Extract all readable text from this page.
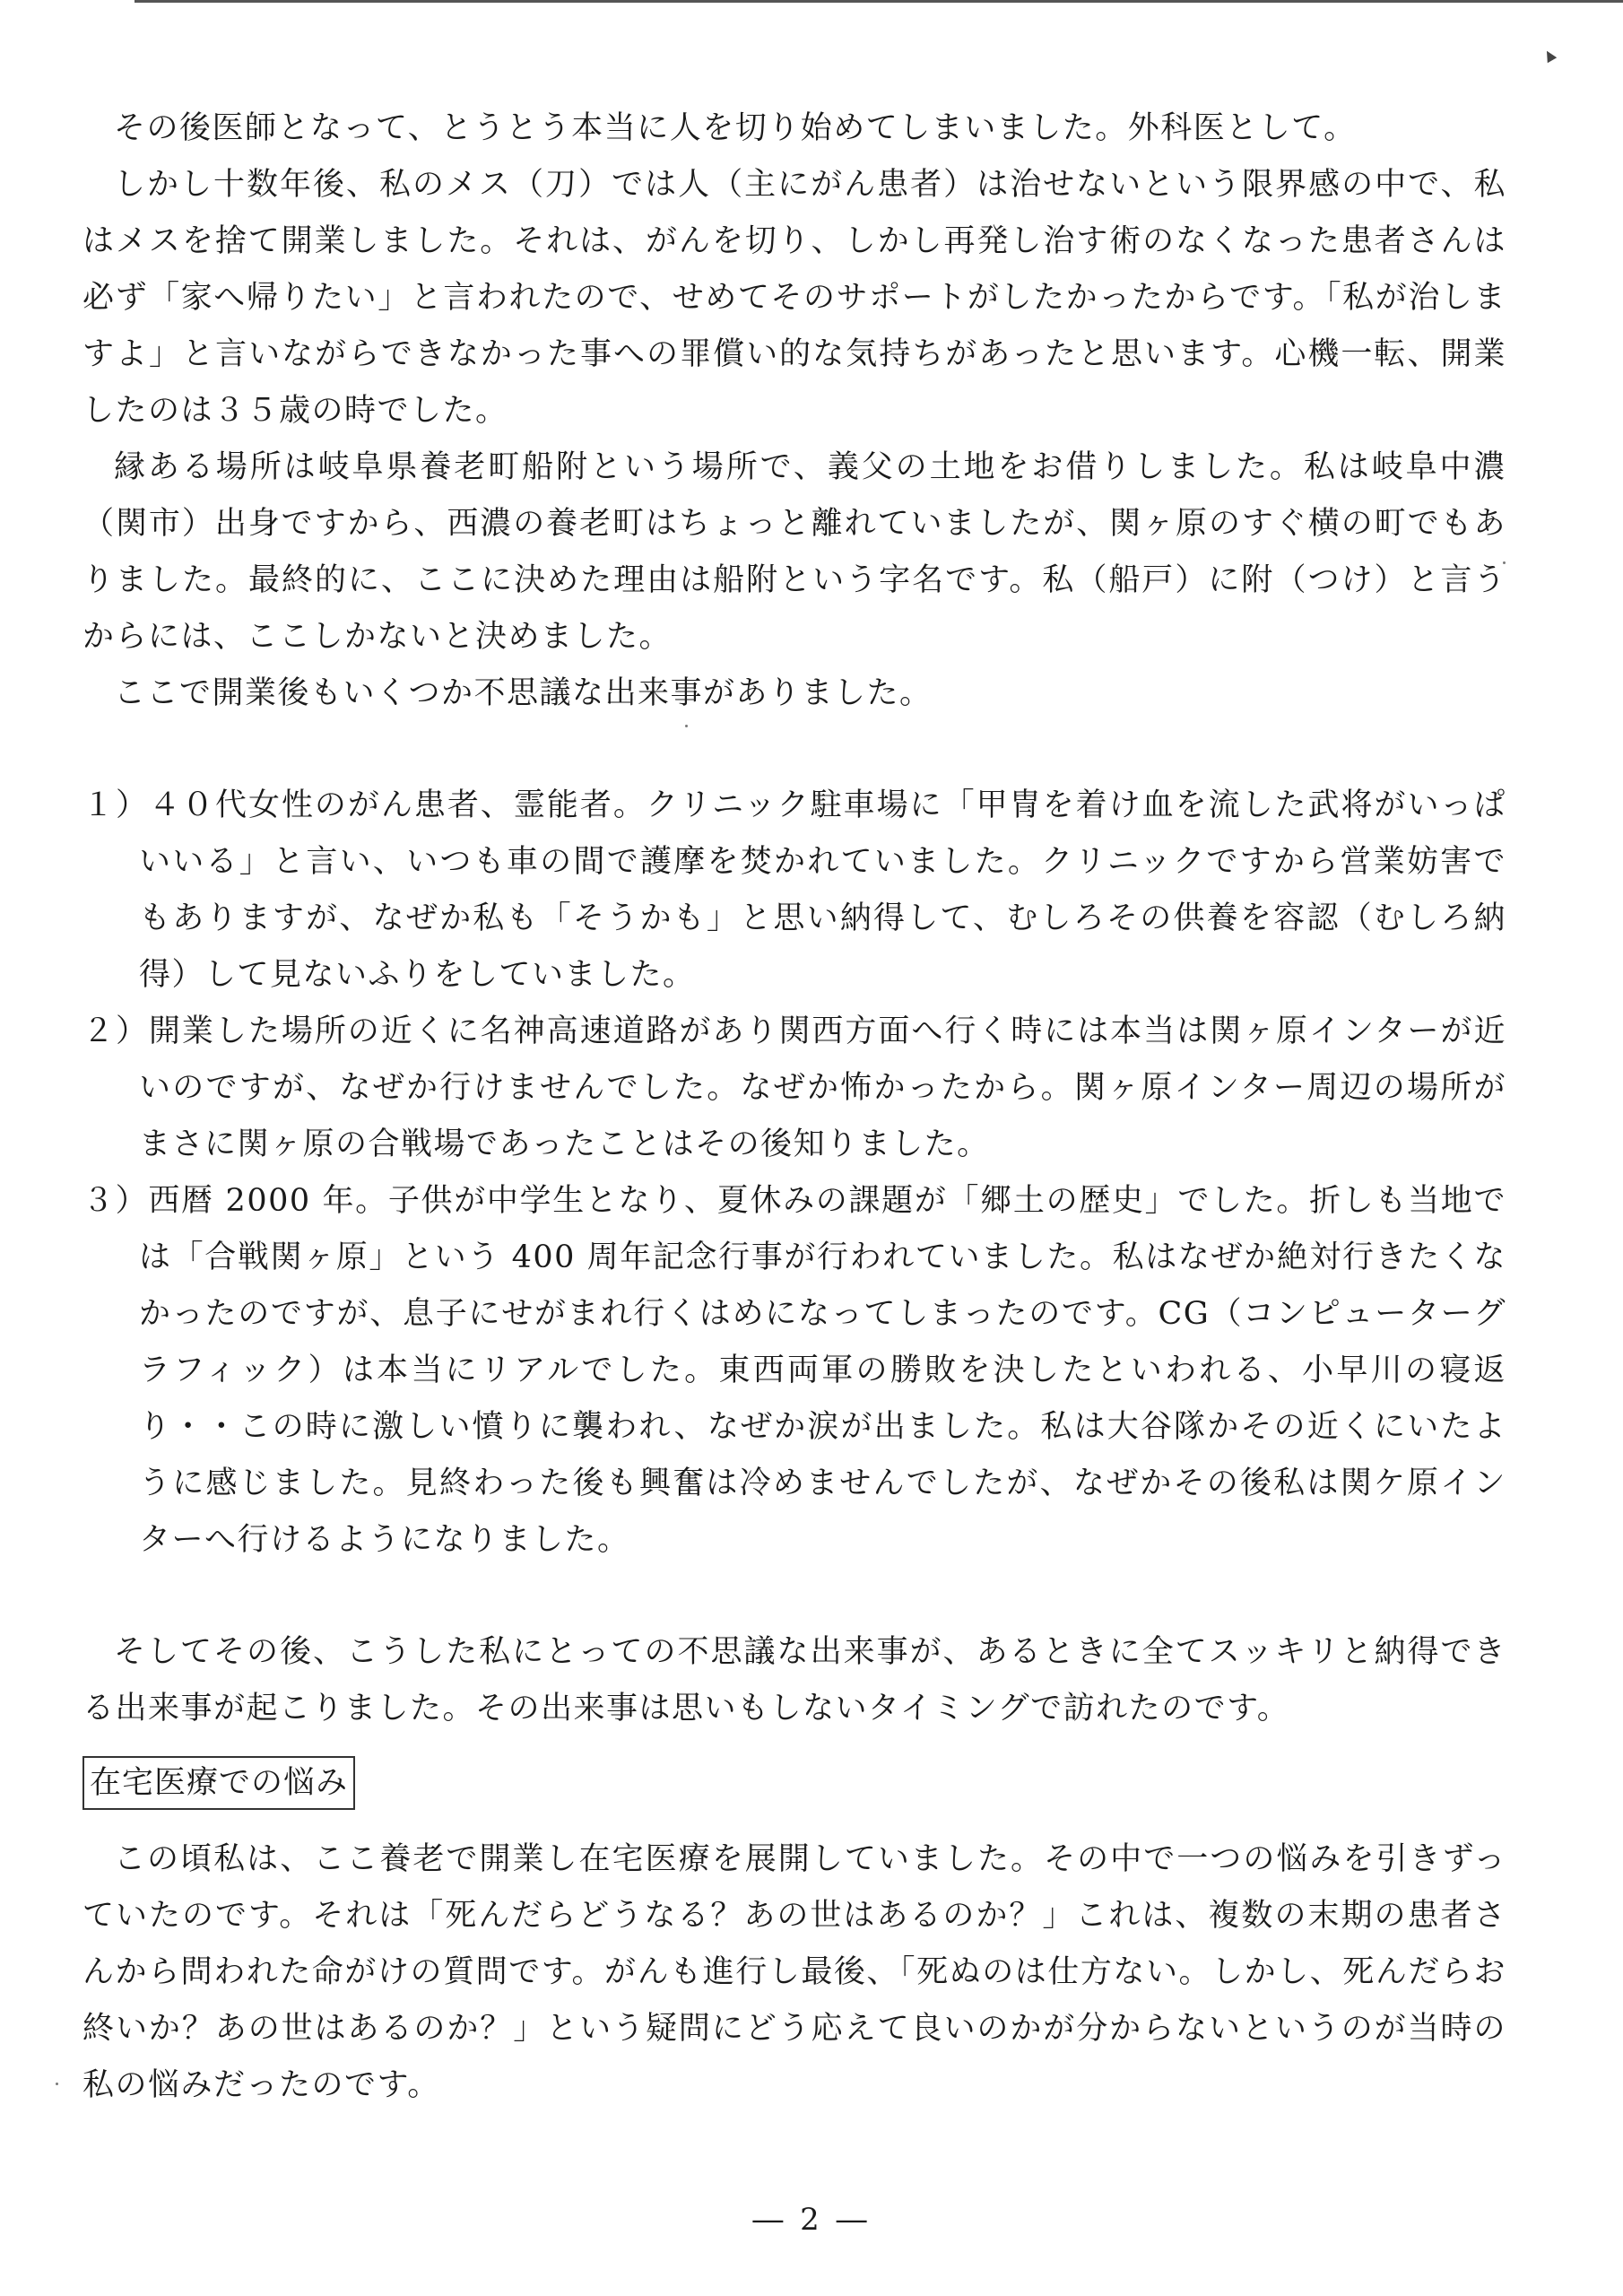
その後医師となって、とうとう本当に人を切り始めてしまいました。外科医として。

しかし十数年後、私のメス（刀）では人（主にがん患者）は治せないという限界感の中で、私はメスを捨て開業しました。それは、がんを切り、しかし再発し治す術のなくなった患者さんは必ず「家へ帰りたい」と言われたので、せめてそのサポートがしたかったからです。「私が治しますよ」と言いながらできなかった事への罪償い的な気持ちがあったと思います。心機一転、開業したのは３５歳の時でした。

縁ある場所は岐阜県養老町船附という場所で、義父の土地をお借りしました。私は岐阜中濃（関市）出身ですから、西濃の養老町はちょっと離れていましたが、関ヶ原のすぐ横の町でもありました。最終的に、ここに決めた理由は船附という字名です。私（船戸）に附（つけ）と言うからには、ここしかないと決めました。

ここで開業後もいくつか不思議な出来事がありました。

１）４０代女性のがん患者、霊能者。クリニック駐車場に「甲冑を着け血を流した武将がいっぱいいる」と言い、いつも車の間で護摩を焚かれていました。クリニックですから営業妨害でもありますが、なぜか私も「そうかも」と思い納得して、むしろその供養を容認（むしろ納得）して見ないふりをしていました。

２）開業した場所の近くに名神高速道路があり関西方面へ行く時には本当は関ヶ原インターが近いのですが、なぜか行けませんでした。なぜか怖かったから。関ヶ原インター周辺の場所がまさに関ヶ原の合戦場であったことはその後知りました。

３）西暦 2000 年。子供が中学生となり、夏休みの課題が「郷土の歴史」でした。折しも当地では「合戦関ヶ原」という 400 周年記念行事が行われていました。私はなぜか絶対行きたくなかったのですが、息子にせがまれ行くはめになってしまったのです。CG（コンピューターグラフィック）は本当にリアルでした。東西両軍の勝敗を決したといわれる、小早川の寝返り・・この時に激しい憤りに襲われ、なぜか涙が出ました。私は大谷隊かその近くにいたように感じました。見終わった後も興奮は冷めませんでしたが、なぜかその後私は関ケ原インターへ行けるようになりました。

そしてその後、こうした私にとっての不思議な出来事が、あるときに全てスッキリと納得できる出来事が起こりました。その出来事は思いもしないタイミングで訪れたのです。

在宅医療での悩み

この頃私は、ここ養老で開業し在宅医療を展開していました。その中で一つの悩みを引きずっていたのです。それは「死んだらどうなる？あの世はあるのか？」これは、複数の末期の患者さんから問われた命がけの質問です。がんも進行し最後、「死ぬのは仕方ない。しかし、死んだらお終いか？あの世はあるのか？」という疑問にどう応えて良いのかが分からないというのが当時の私の悩みだったのです。

― 2 ―
